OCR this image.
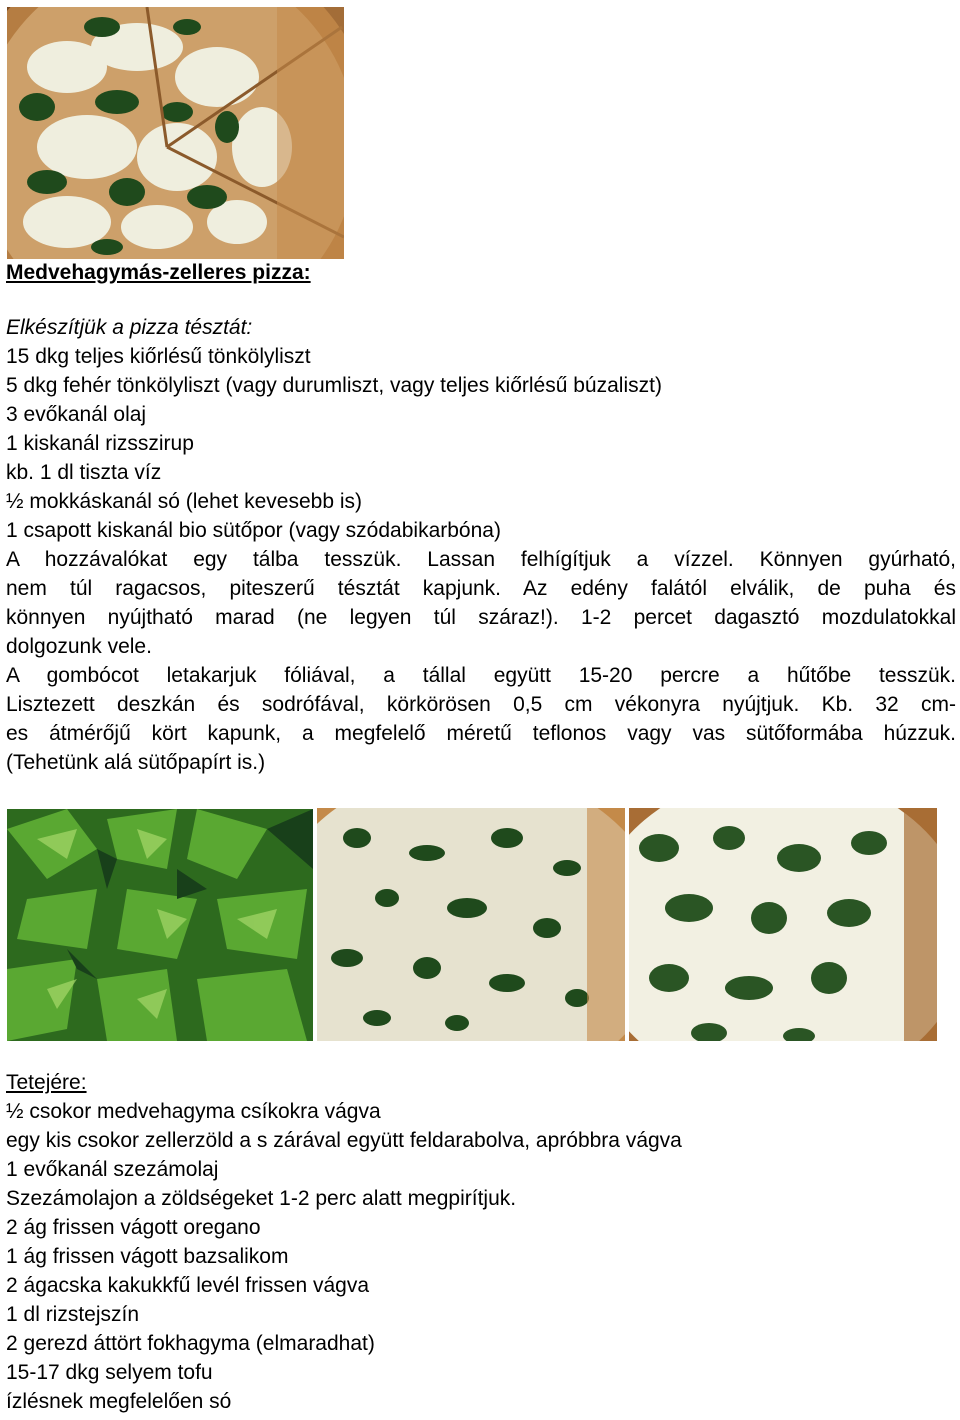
Medvehagymás-zelleres pizza:

Elkészítjük a pizza tésztát:

15 dkg teljes kiőrlésű tönkölyliszt

5 dkg fehér tönkölyliszt (vagy durumliszt, vagy teljes kiőrlésű búzaliszt)

3 evőkanál olaj

1 kiskanál rizsszirup

kb. 1 dl tiszta víz

½ mokkáskanál só (lehet kevesebb is)

1 csapott kiskanál bio sütőpor (vagy szódabikarbóna)

A hozzávalókat egy tálba tesszük. Lassan felhígítjuk a vízzel. Könnyen gyúrható,

nem túl ragacsos, piteszerű tésztát kapjunk. Az edény falától elválik, de puha és

könnyen nyújtható marad (ne legyen túl száraz!). 1-2 percet dagasztó mozdulatokkal

dolgozunk vele.

A gombócot letakarjuk fóliával, a tállal együtt 15-20 percre a hűtőbe tesszük.

Lisztezett deszkán és sodrófával, körkörösen 0,5 cm vékonyra nyújtjuk. Kb. 32 cm-

es átmérőjű kört kapunk, a megfelelő méretű teflonos vagy vas sütőformába húzzuk.

(Tehetünk alá sütőpapírt is.)

Tetejére:

½ csokor medvehagyma csíkokra vágva

egy kis csokor zellerzöld a s zárával együtt feldarabolva, apróbbra vágva

1 evőkanál szezámolaj

Szezámolajon a zöldségeket 1-2 perc alatt megpirítjuk.

2 ág frissen vágott oregano

1 ág frissen vágott bazsalikom

2 ágacska kakukkfű levél frissen vágva

1 dl rizstejszín

2 gerezd áttört fokhagyma (elmaradhat)

15-17 dkg selyem tofu

ízlésnek megfelelően só
